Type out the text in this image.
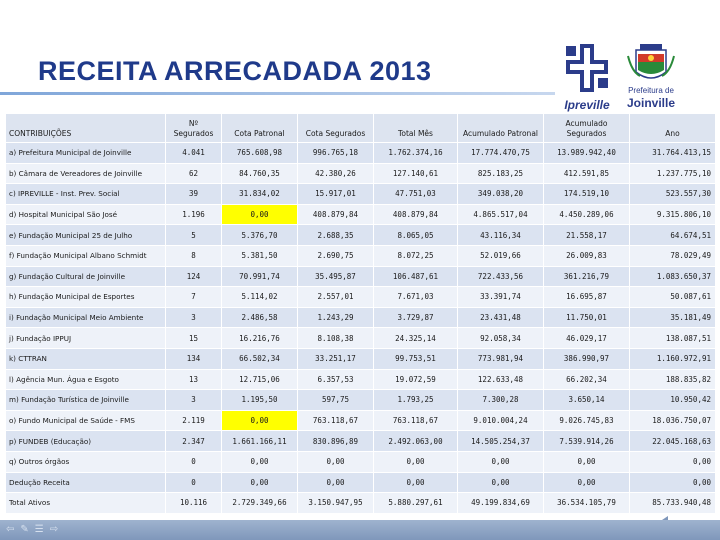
RECEITA ARRECADADA 2013
Ipreville
Prefeitura de
Joinville
CONTRIBUIÇÕES	Nº Segurados	Cota Patronal	Cota Segurados	Total Mês	Acumulado Patronal	Acumulado Segurados	Ano
a) Prefeitura Municipal de Joinville	4.041	765.608,98	996.765,18	1.762.374,16	17.774.470,75	13.989.942,40	31.764.413,15
b) Câmara de Vereadores de Joinville	62	84.760,35	42.380,26	127.140,61	825.183,25	412.591,85	1.237.775,10
c) IPREVILLE - Inst. Prev. Social	39	31.834,02	15.917,01	47.751,03	349.038,20	174.519,10	523.557,30
d) Hospital Municipal São José	1.196	0,00	408.879,84	408.879,84	4.865.517,04	4.450.289,06	9.315.806,10
e) Fundação Municipal 25 de Julho	5	5.376,70	2.688,35	8.065,05	43.116,34	21.558,17	64.674,51
f) Fundação Municipal Albano Schmidt	8	5.381,50	2.690,75	8.072,25	52.019,66	26.009,83	78.029,49
g) Fundação Cultural de Joinville	124	70.991,74	35.495,87	106.487,61	722.433,56	361.216,79	1.083.650,37
h) Fundação Municipal de Esportes	7	5.114,02	2.557,01	7.671,03	33.391,74	16.695,87	50.087,61
i) Fundação Municipal Meio Ambiente	3	2.486,58	1.243,29	3.729,87	23.431,48	11.750,01	35.181,49
j) Fundação IPPUJ	15	16.216,76	8.108,38	24.325,14	92.058,34	46.029,17	138.087,51
k) CTTRAN	134	66.502,34	33.251,17	99.753,51	773.981,94	386.990,97	1.160.972,91
l) Agência Mun. Água e Esgoto	13	12.715,06	6.357,53	19.072,59	122.633,48	66.202,34	188.835,82
m) Fundação Turística de Joinville	3	1.195,50	597,75	1.793,25	7.300,28	3.650,14	10.950,42
o) Fundo Municipal de Saúde - FMS	2.119	0,00	763.118,67	763.118,67	9.010.004,24	9.026.745,83	18.036.750,07
p) FUNDEB (Educação)	2.347	1.661.166,11	830.896,89	2.492.063,00	14.505.254,37	7.539.914,26	22.045.168,63
q) Outros órgãos	0	0,00	0,00	0,00	0,00	0,00	0,00
Dedução Receita	0	0,00	0,00	0,00	0,00	0,00	0,00
Total Ativos	10.116	2.729.349,66	3.150.947,95	5.880.297,61	49.199.834,69	36.534.105,79	85.733.940,48
⇦ ✎ ☰ ⇨
